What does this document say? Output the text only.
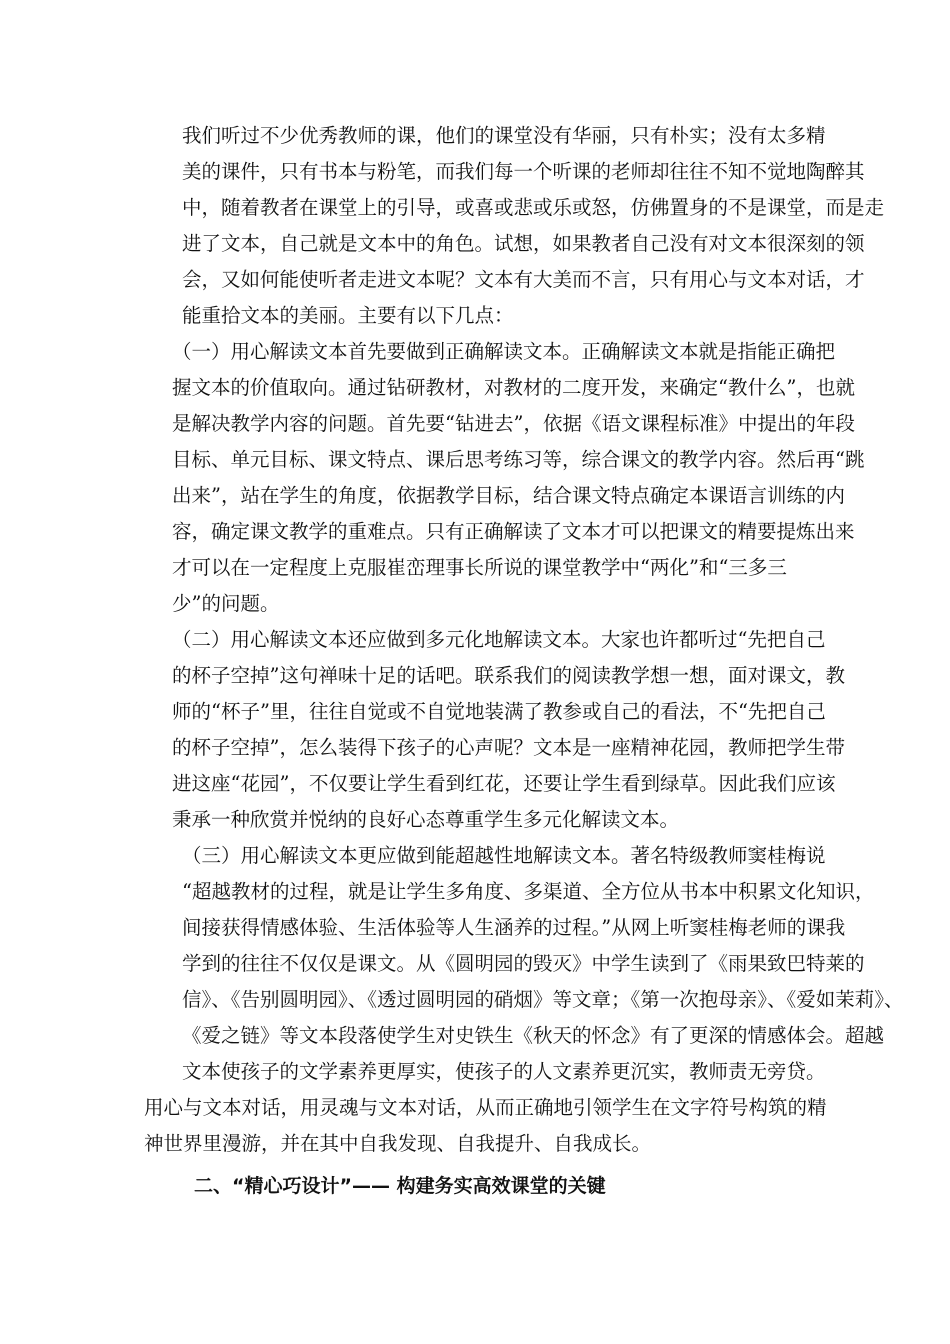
我们听过不少优秀教师的课，他们的课堂没有华丽，只有朴实；没有太多精
美的课件，只有书本与粉笔，而我们每一个听课的老师却往往不知不觉地陶醉其
中，随着教者在课堂上的引导，或喜或悲或乐或怒，仿佛置身的不是课堂，而是走
进了文本，自己就是文本中的角色。试想，如果教者自己没有对文本很深刻的领
会，又如何能使听者走进文本呢？文本有大美而不言，只有用心与文本对话，才
能重拾文本的美丽。主要有以下几点：

（一）用心解读文本首先要做到正确解读文本。正确解读文本就是指能正确把
握文本的价值取向。通过钻研教材，对教材的二度开发，来确定“教什么”，也就
是解决教学内容的问题。首先要“钻进去”，依据《语文课程标准》中提出的年段
目标、单元目标、课文特点、课后思考练习等，综合课文的教学内容。然后再“跳
出来”，站在学生的角度，依据教学目标，结合课文特点确定本课语言训练的内
容，确定课文教学的重难点。只有正确解读了文本才可以把课文的精要提炼出来
才可以在一定程度上克服崔峦理事长所说的课堂教学中“两化”和“三多三
少”的问题。

（二）用心解读文本还应做到多元化地解读文本。大家也许都听过“先把自己
的杯子空掉”这句禅味十足的话吧。联系我们的阅读教学想一想，面对课文，教
师的“杯子”里，往往自觉或不自觉地装满了教参或自己的看法，不“先把自己
的杯子空掉”，怎么装得下孩子的心声呢？文本是一座精神花园，教师把学生带
进这座“花园”，不仅要让学生看到红花，还要让学生看到绿草。因此我们应该
秉承一种欣赏并悦纳的良好心态尊重学生多元化解读文本。

（三）用心解读文本更应做到能超越性地解读文本。著名特级教师窦桂梅说
“超越教材的过程，就是让学生多角度、多渠道、全方位从书本中积累文化知识，
间接获得情感体验、生活体验等人生涵养的过程。”从网上听窦桂梅老师的课我
学到的往往不仅仅是课文。从《圆明园的毁灭》中学生读到了《雨果致巴特莱的
信》、《告别圆明园》、《透过圆明园的硝烟》等文章；《第一次抱母亲》、《爱如茉莉》、
《爱之链》等文本段落使学生对史铁生《秋天的怀念》有了更深的情感体会。超越
文本使孩子的文学素养更厚实，使孩子的人文素养更沉实，教师责无旁贷。

用心与文本对话，用灵魂与文本对话，从而正确地引领学生在文字符号构筑的精
神世界里漫游，并在其中自我发现、自我提升、自我成长。

二、“精心巧设计”—— 构建务实高效课堂的关键
